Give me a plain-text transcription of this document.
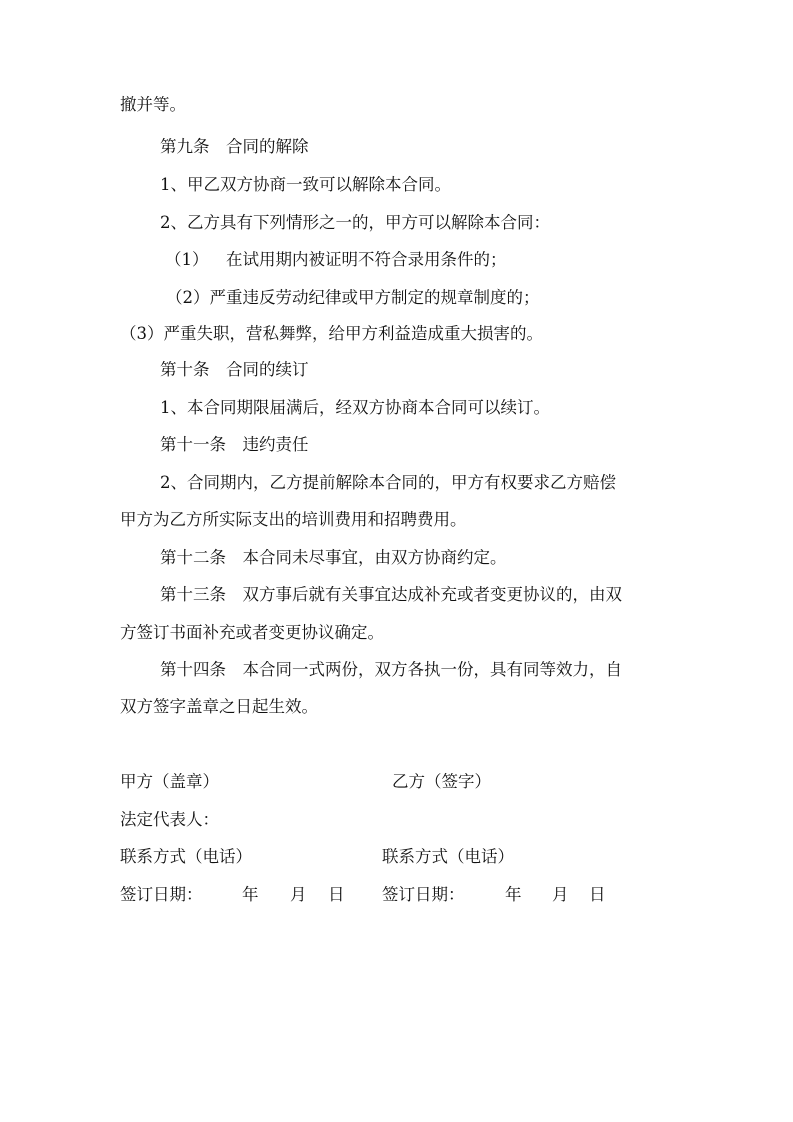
撤并等。
第九条　合同的解除
1、甲乙双方协商一致可以解除本合同。
2、乙方具有下列情形之一的，甲方可以解除本合同：
（1） 在试用期内被证明不符合录用条件的；
（2）严重违反劳动纪律或甲方制定的规章制度的；
（3）严重失职，营私舞弊，给甲方利益造成重大损害的。
第十条　合同的续订
1、本合同期限届满后，经双方协商本合同可以续订。
第十一条　违约责任
2、合同期内，乙方提前解除本合同的，甲方有权要求乙方赔偿
甲方为乙方所实际支出的培训费用和招聘费用。
第十二条　本合同未尽事宜，由双方协商约定。
第十三条　双方事后就有关事宜达成补充或者变更协议的，由双
方签订书面补充或者变更协议确定。
第十四条　本合同一式两份，双方各执一份，具有同等效力，自
双方签字盖章之日起生效。
甲方（盖章）	乙方（签字）
法定代表人：
联系方式（电话）	联系方式（电话）
签订日期： 年 月 日 签订日期： 年 月 日
